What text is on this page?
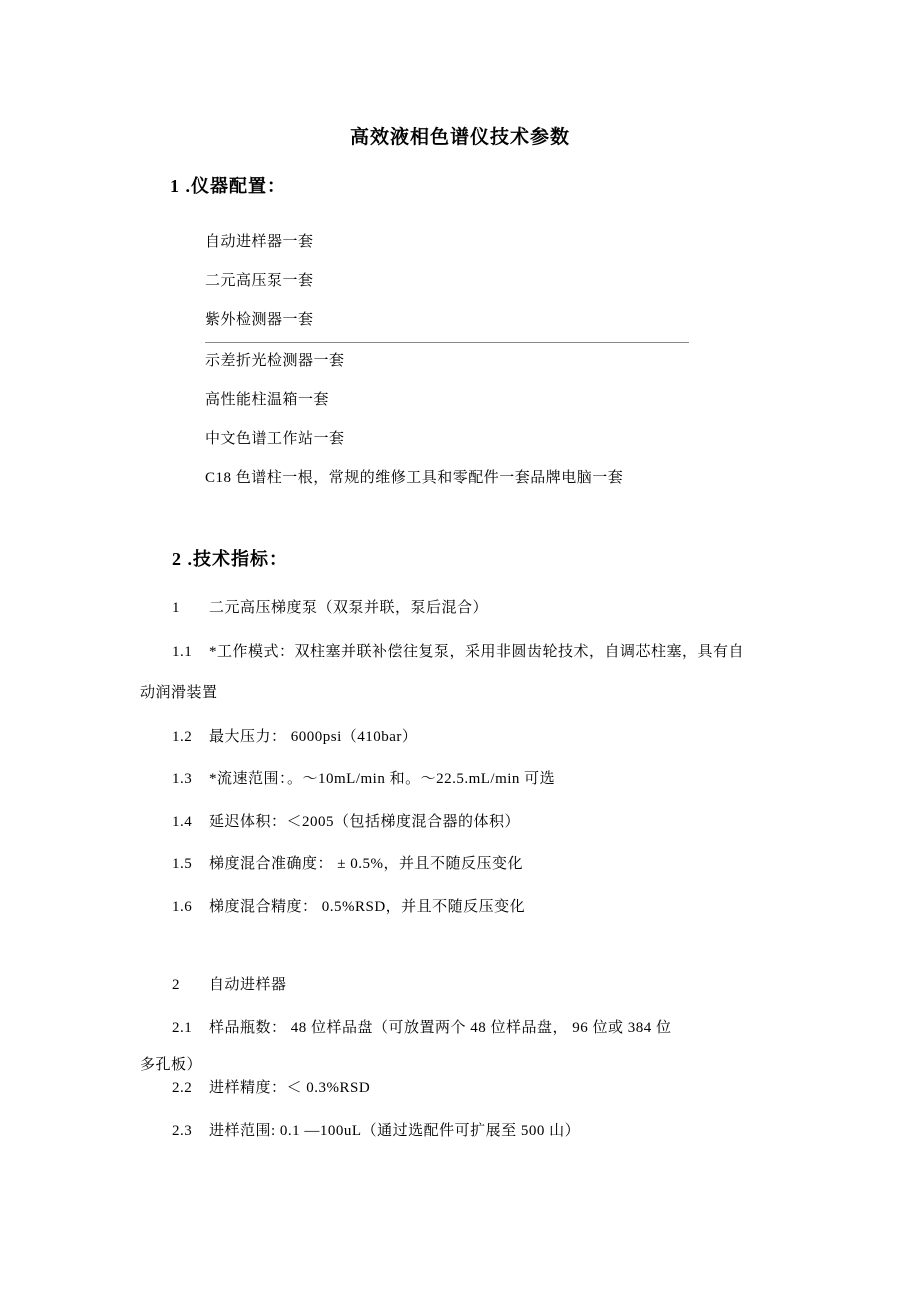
高效液相色谱仪技术参数
1 .仪器配置：
自动进样器一套
二元高压泵一套
紫外检测器一套
示差折光检测器一套
高性能柱温箱一套
中文色谱工作站一套
C18 色谱柱一根，常规的维修工具和零配件一套品牌电脑一套
2 .技术指标：
1 二元高压梯度泵（双泵并联，泵后混合）
1.1 *工作模式：双柱塞并联补偿往复泵，采用非圆齿轮技术，自调芯柱塞，具有自
动润滑装置
1.2 最大压力： 6000psi（410bar）
1.3 *流速范围：。～10mL/min 和。～22.5.mL/min 可选
1.4 延迟体积：＜2005（包括梯度混合器的体积）
1.5 梯度混合准确度： ± 0.5%，并且不随反压变化
1.6 梯度混合精度： 0.5%RSD，并且不随反压变化
2 自动进样器
2.1 样品瓶数： 48 位样品盘（可放置两个 48 位样品盘， 96 位或 384 位
多孔板）
2.2 进样精度：＜ 0.3%RSD
2.3 进样范围: 0.1 —100uL（通过选配件可扩展至 500 山）
